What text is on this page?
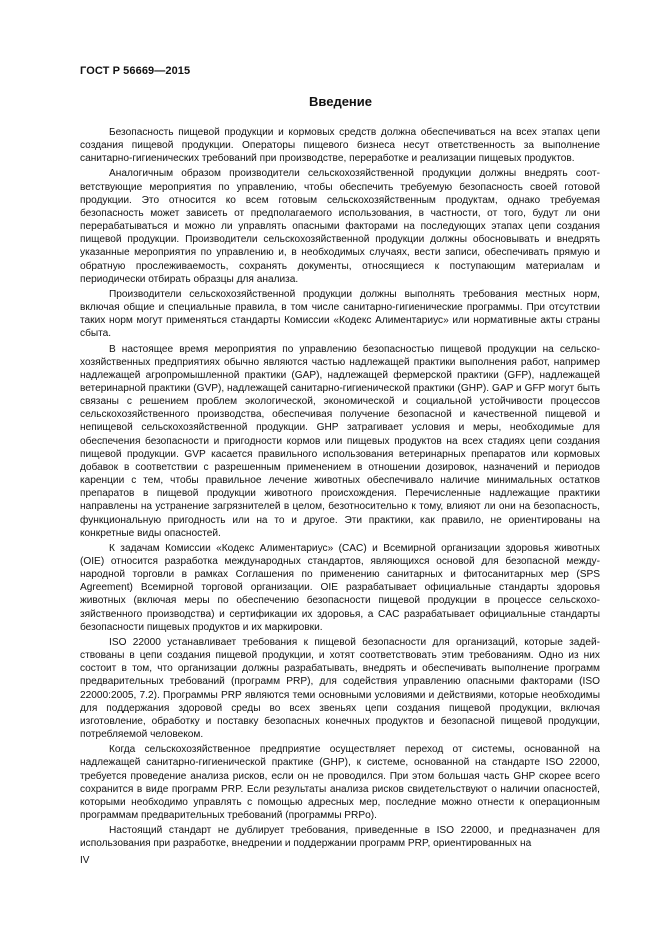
ГОСТ Р 56669—2015
Введение

Безопасность пищевой продукции и кормовых средств должна обеспечиваться на всех этапах цепи создания пищевой продукции. Операторы пищевого бизнеса несут ответственность за выполнение санитарно-гигиенических требований при производстве, переработке и реализации пищевых продуктов.

Аналогичным образом производители сельскохозяйственной продукции должны внедрять соответствующие мероприятия по управлению, чтобы обеспечить требуемую безопасность своей готовой продукции. Это относится ко всем готовым сельскохозяйственным продуктам, однако требуемая безопасность может зависеть от предполагаемого использования, в частности, от того, будут ли они перерабатываться и можно ли управлять опасными факторами на последующих этапах цепи создания пищевой продукции. Производители сельскохозяйственной продукции должны обосновывать и внедрять указанные мероприятия по управлению и, в необходимых случаях, вести записи, обеспечивать прямую и обратную прослеживаемость, сохранять документы, относящиеся к поступающим материалам и периодически отбирать образцы для анализа.

Производители сельскохозяйственной продукции должны выполнять требования местных норм, включая общие и специальные правила, в том числе санитарно-гигиенические программы. При отсутствии таких норм могут применяться стандарты Комиссии «Кодекс Алиментариус» или нормативные акты страны сбыта.

В настоящее время мероприятия по управлению безопасностью пищевой продукции на сельскохозяйственных предприятиях обычно являются частью надлежащей практики выполнения работ, например надлежащей агропромышленной практики (GAP), надлежащей фермерской практики (GFP), надлежащей ветеринарной практики (GVP), надлежащей санитарно-гигиенической практики (GHP). GAP и GFP могут быть связаны с решением проблем экологической, экономической и социальной устойчивости процессов сельскохозяйственного производства, обеспечивая получение безопасной и качественной пищевой и непищевой сельскохозяйственной продукции. GHP затрагивает условия и меры, необходимые для обеспечения безопасности и пригодности кормов или пищевых продуктов на всех стадиях цепи создания пищевой продукции. GVP касается правильного использования ветеринарных препаратов или кормовых добавок в соответствии с разрешенным применением в отношении дозировок, назначений и периодов каренции с тем, чтобы правильное лечение животных обеспечивало наличие минимальных остатков препаратов в пищевой продукции животного происхождения. Перечисленные надлежащие практики направлены на устранение загрязнителей в целом, безотносительно к тому, влияют ли они на безопасность, функциональную пригодность или на то и другое. Эти практики, как правило, не ориентированы на конкретные виды опасностей.

К задачам Комиссии «Кодекс Алиментариус» (CAC) и Всемирной организации здоровья животных (OIE) относится разработка международных стандартов, являющихся основой для безопасной международной торговли в рамках Соглашения по применению санитарных и фитосанитарных мер (SPS Agreement) Всемирной торговой организации. OIE разрабатывает официальные стандарты здоровья животных (включая меры по обеспечению безопасности пищевой продукции в процессе сельскохозяйственного производства) и сертификации их здоровья, а CAC разрабатывает официальные стандарты безопасности пищевых продуктов и их маркировки.

ISO 22000 устанавливает требования к пищевой безопасности для организаций, которые задействованы в цепи создания пищевой продукции, и хотят соответствовать этим требованиям. Одно из них состоит в том, что организации должны разрабатывать, внедрять и обеспечивать выполнение программ предварительных требований (программ PRP), для содействия управлению опасными факторами (ISO 22000:2005, 7.2). Программы PRP являются теми основными условиями и действиями, которые необходимы для поддержания здоровой среды во всех звеньях цепи создания пищевой продукции, включая изготовление, обработку и поставку безопасных конечных продуктов и безопасной пищевой продукции, потребляемой человеком.

Когда сельскохозяйственное предприятие осуществляет переход от системы, основанной на надлежащей санитарно-гигиенической практике (GHP), к системе, основанной на стандарте ISO 22000, требуется проведение анализа рисков, если он не проводился. При этом большая часть GHP скорее всего сохранится в виде программ PRP. Если результаты анализа рисков свидетельствуют о наличии опасностей, которыми необходимо управлять с помощью адресных мер, последние можно отнести к операционным программам предварительных требований (программы PRPo).

Настоящий стандарт не дублирует требования, приведенные в ISO 22000, и предназначен для использования при разработке, внедрении и поддержании программ PRP, ориентированных на

IV
